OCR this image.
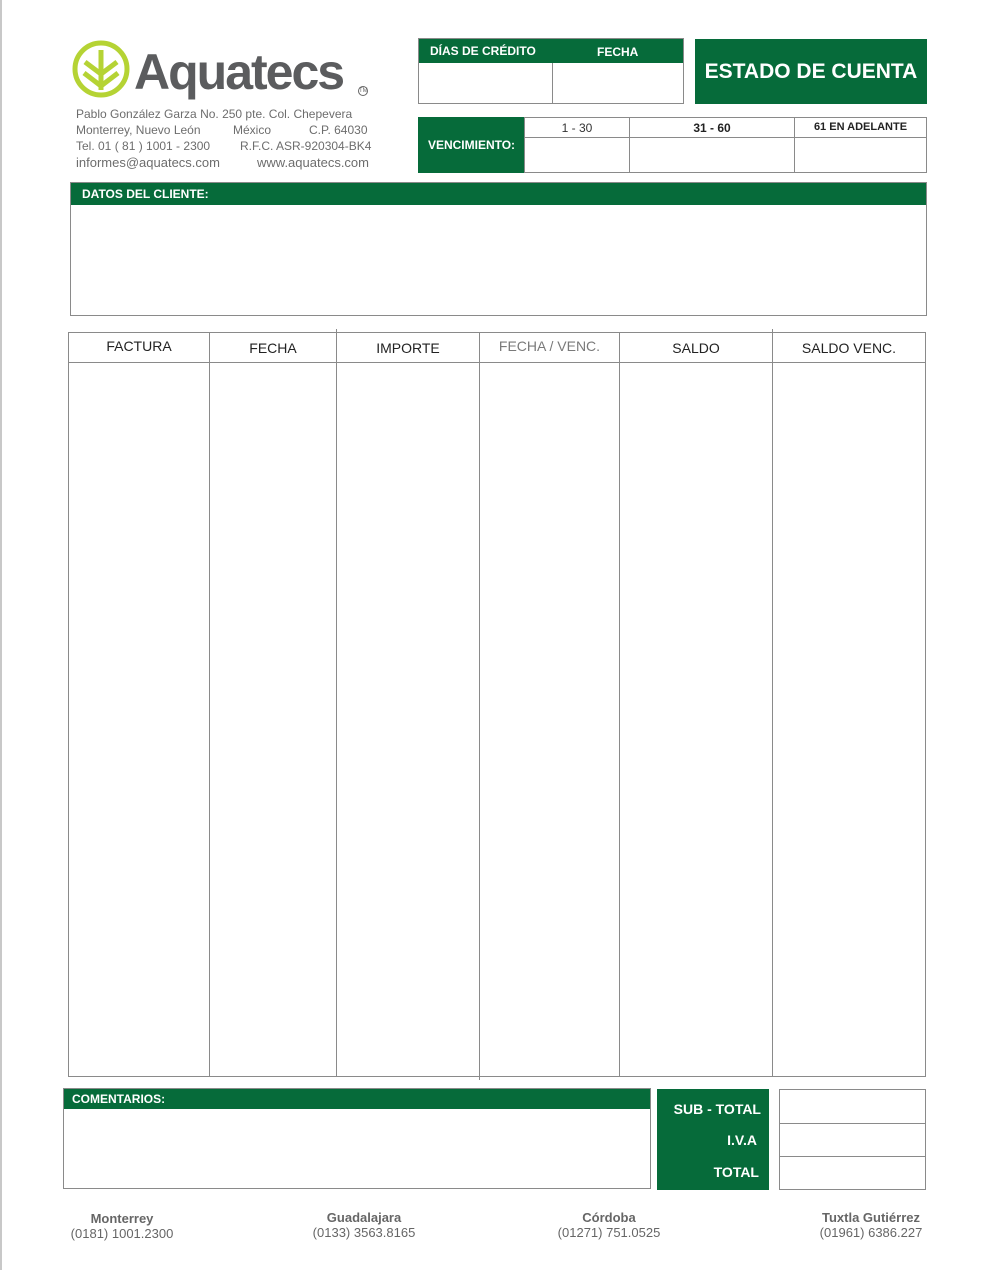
Aquatecs	TM
Pablo González Garza No. 250 pte. Col. Chepevera
Monterrey, Nuevo León	México	C.P. 64030
Tel. 01 ( 81 ) 1001 - 2300 R.F.C. ASR-920304-BK4
informes@aquatecs.com	www.aquatecs.com
DÍAS DE CRÉDITO	FECHA
ESTADO DE CUENTA
VENCIMIENTO:
1 - 30	31 - 60	61 EN ADELANTE
DATOS DEL CLIENTE:
FACTURA	FECHA	IMPORTE	FECHA / VENC.	SALDO	SALDO VENC.
COMENTARIOS:
SUB - TOTAL
I.V.A
TOTAL
Monterrey
(0181) 1001.2300
Guadalajara
(0133) 3563.8165
Córdoba
(01271) 751.0525
Tuxtla Gutiérrez
(01961) 6386.227
